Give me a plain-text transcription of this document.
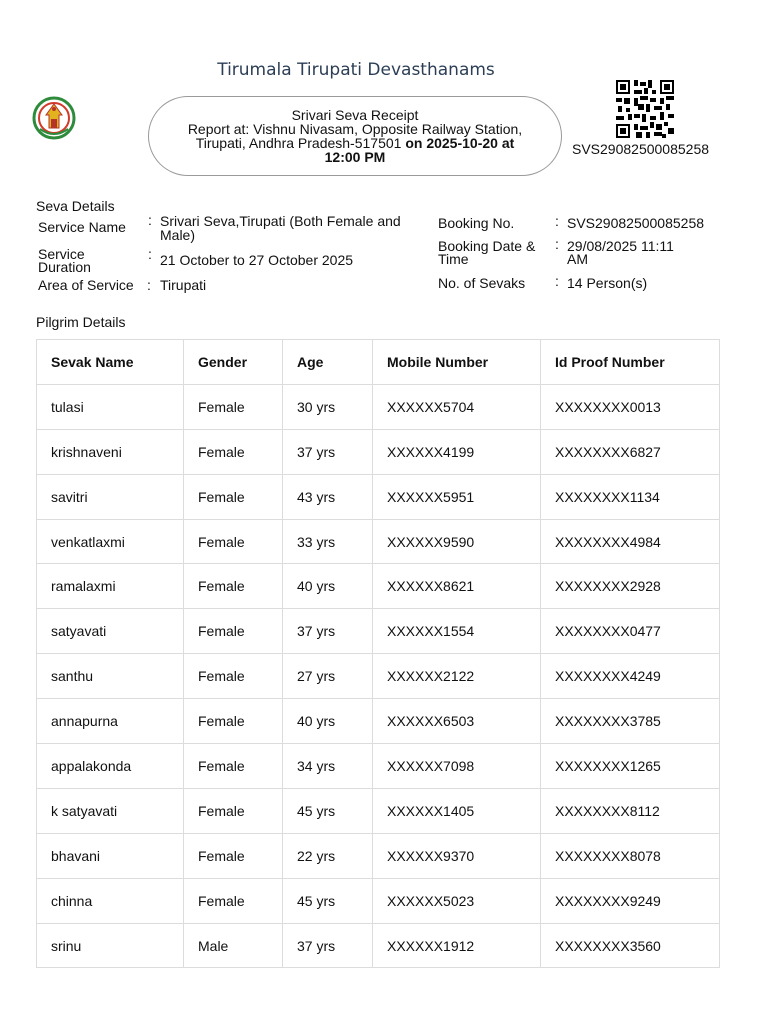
Tirumala Tirupati Devasthanams
Srivari Seva Receipt
Report at: Vishnu Nivasam, Opposite Railway Station,
Tirupati, Andhra Pradesh-517501 on 2025-10-20 at
12:00 PM	SVS29082500085258
Seva Details
Service Name : Srivari Seva,Tirupati (Both Female and
Male)
Service
Duration
: 21 October to 27 October 2025
Area of Service : Tirupati
Booking No.	: SVS29082500085258
Booking Date &
Time
: 29/08/2025 11:11
AM
No. of Sevaks : 14 Person(s)
Pilgrim Details
Sevak Name	Gender	Age	Mobile Number	Id Proof Number
tulasi	Female	30 yrs	XXXXXX5704	XXXXXXXX0013
krishnaveni	Female	37 yrs	XXXXXX4199	XXXXXXXX6827
savitri	Female	43 yrs	XXXXXX5951	XXXXXXXX1134
venkatlaxmi	Female	33 yrs	XXXXXX9590	XXXXXXXX4984
ramalaxmi	Female	40 yrs	XXXXXX8621	XXXXXXXX2928
satyavati	Female	37 yrs	XXXXXX1554	XXXXXXXX0477
santhu	Female	27 yrs	XXXXXX2122	XXXXXXXX4249
annapurna	Female	40 yrs	XXXXXX6503	XXXXXXXX3785
appalakonda	Female	34 yrs	XXXXXX7098	XXXXXXXX1265
k satyavati	Female	45 yrs	XXXXXX1405	XXXXXXXX8112
bhavani	Female	22 yrs	XXXXXX9370	XXXXXXXX8078
chinna	Female	45 yrs	XXXXXX5023	XXXXXXXX9249
srinu	Male	37 yrs	XXXXXX1912	XXXXXXXX3560
